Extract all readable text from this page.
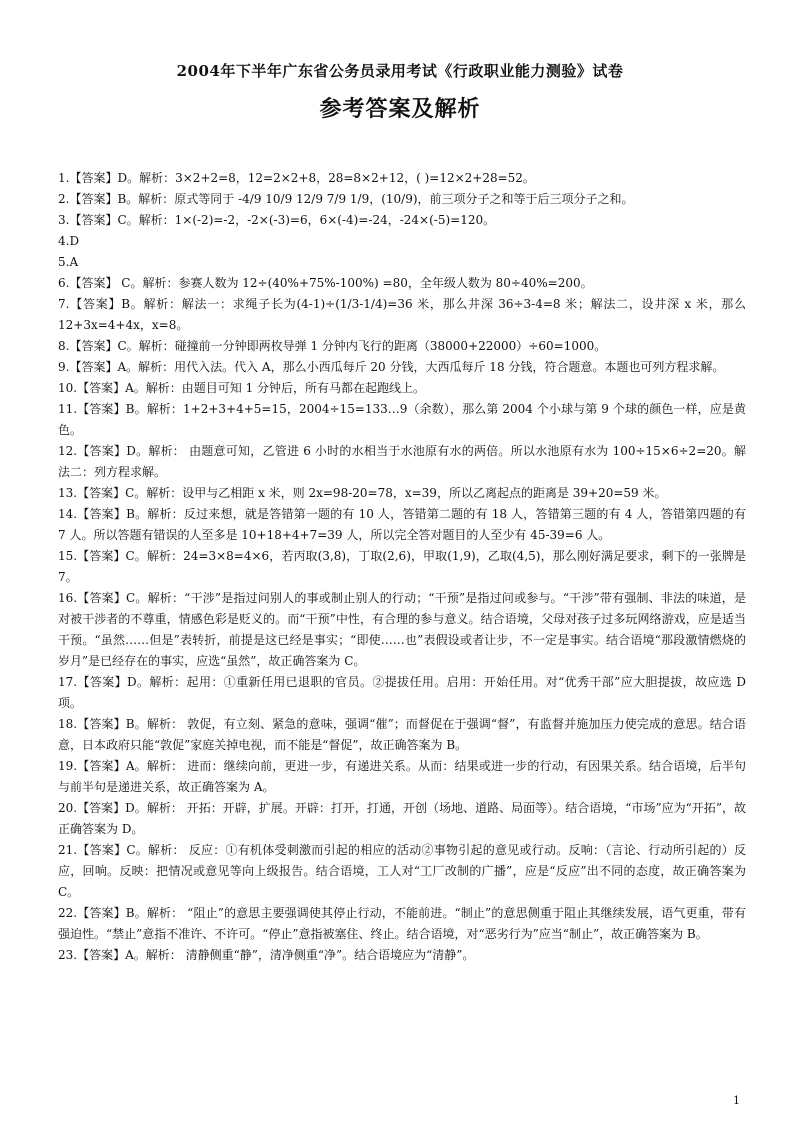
2004年下半年广东省公务员录用考试《行政职业能力测验》试卷
参考答案及解析

1.【答案】D。解析：3×2+2=8，12=2×2+8，28=8×2+12，( )=12×2+28=52。

2.【答案】B。解析：原式等同于 -4/9 10/9 12/9 7/9 1/9，(10/9)，前三项分子之和等于后三项分子之和。

3.【答案】C。解析：1×(-2)=-2，-2×(-3)=6，6×(-4)=-24，-24×(-5)=120。

4.D

5.A

6.【答案】 C。解析：参赛人数为 12÷(40%+75%-100%) =80，全年级人数为 80÷40%=200。

7.【答案】B。解析：解法一：求绳子长为(4-1)÷(1/3-1/4)=36 米，那么井深 36÷3-4=8 米；解法二，设井深 x 米，那么 12+3x=4+4x，x=8。

8.【答案】C。解析：碰撞前一分钟即两枚导弹 1 分钟内飞行的距离（38000+22000）÷60=1000。

9.【答案】A。解析：用代入法。代入 A，那么小西瓜每斤 20 分钱，大西瓜每斤 18 分钱，符合题意。本题也可列方程求解。

10.【答案】A。解析：由题目可知 1 分钟后，所有马都在起跑线上。

11.【答案】B。解析：1+2+3+4+5=15，2004÷15=133…9（余数），那么第 2004 个小球与第 9 个球的颜色一样，应是黄色。

12.【答案】D。解析： 由题意可知，乙管进 6 小时的水相当于水池原有水的两倍。所以水池原有水为 100÷15×6÷2=20。解法二：列方程求解。

13.【答案】C。解析：设甲与乙相距 x 米，则 2x=98-20=78，x=39，所以乙离起点的距离是 39+20=59 米。

14.【答案】B。解析：反过来想，就是答错第一题的有 10 人，答错第二题的有 18 人，答错第三题的有 4 人，答错第四题的有 7 人。所以答题有错误的人至多是 10+18+4+7=39 人，所以完全答对题目的人至少有 45-39=6 人。

15.【答案】C。解析：24=3×8=4×6，若丙取(3,8)，丁取(2,6)，甲取(1,9)，乙取(4,5)，那么刚好满足要求，剩下的一张牌是 7。

16.【答案】C。解析：“干涉”是指过问别人的事或制止别人的行动；“干预”是指过问或参与。“干涉”带有强制、非法的味道，是对被干涉者的不尊重，情感色彩是贬义的。而“干预”中性，有合理的参与意义。结合语境，父母对孩子过多玩网络游戏，应是适当干预。“虽然……但是”表转折，前提是这已经是事实；“即使……也”表假设或者让步，不一定是事实。结合语境“那段激情燃烧的岁月”是已经存在的事实，应选“虽然”，故正确答案为 C。

17.【答案】D。解析：起用：①重新任用已退职的官员。②提拔任用。启用：开始任用。对“优秀干部”应大胆提拔，故应选 D 项。

18.【答案】B。解析： 敦促，有立刻、紧急的意味，强调“催”；而督促在于强调“督”，有监督并施加压力使完成的意思。结合语意，日本政府只能“敦促”家庭关掉电视，而不能是“督促”，故正确答案为 B。

19.【答案】A。解析： 进而：继续向前，更进一步，有递进关系。从而：结果或进一步的行动，有因果关系。结合语境，后半句与前半句是递进关系，故正确答案为 A。

20.【答案】D。解析： 开拓：开辟，扩展。开辟：打开，打通，开创（场地、道路、局面等）。结合语境，“市场”应为“开拓”，故正确答案为 D。

21.【答案】C。解析： 反应：①有机体受刺激而引起的相应的活动②事物引起的意见或行动。反响：（言论、行动所引起的）反应，回响。反映：把情况或意见等向上级报告。结合语境，工人对“工厂改制的广播”，应是“反应”出不同的态度，故正确答案为 C。

22.【答案】B。解析： “阻止”的意思主要强调使其停止行动，不能前进。“制止”的意思侧重于阻止其继续发展，语气更重，带有强迫性。“禁止”意指不准许、不许可。“停止”意指被塞住、终止。结合语境，对“恶劣行为”应当“制止”，故正确答案为 B。

23.【答案】A。解析： 清静侧重“静”，清净侧重“净”。结合语境应为“清静”。

1
